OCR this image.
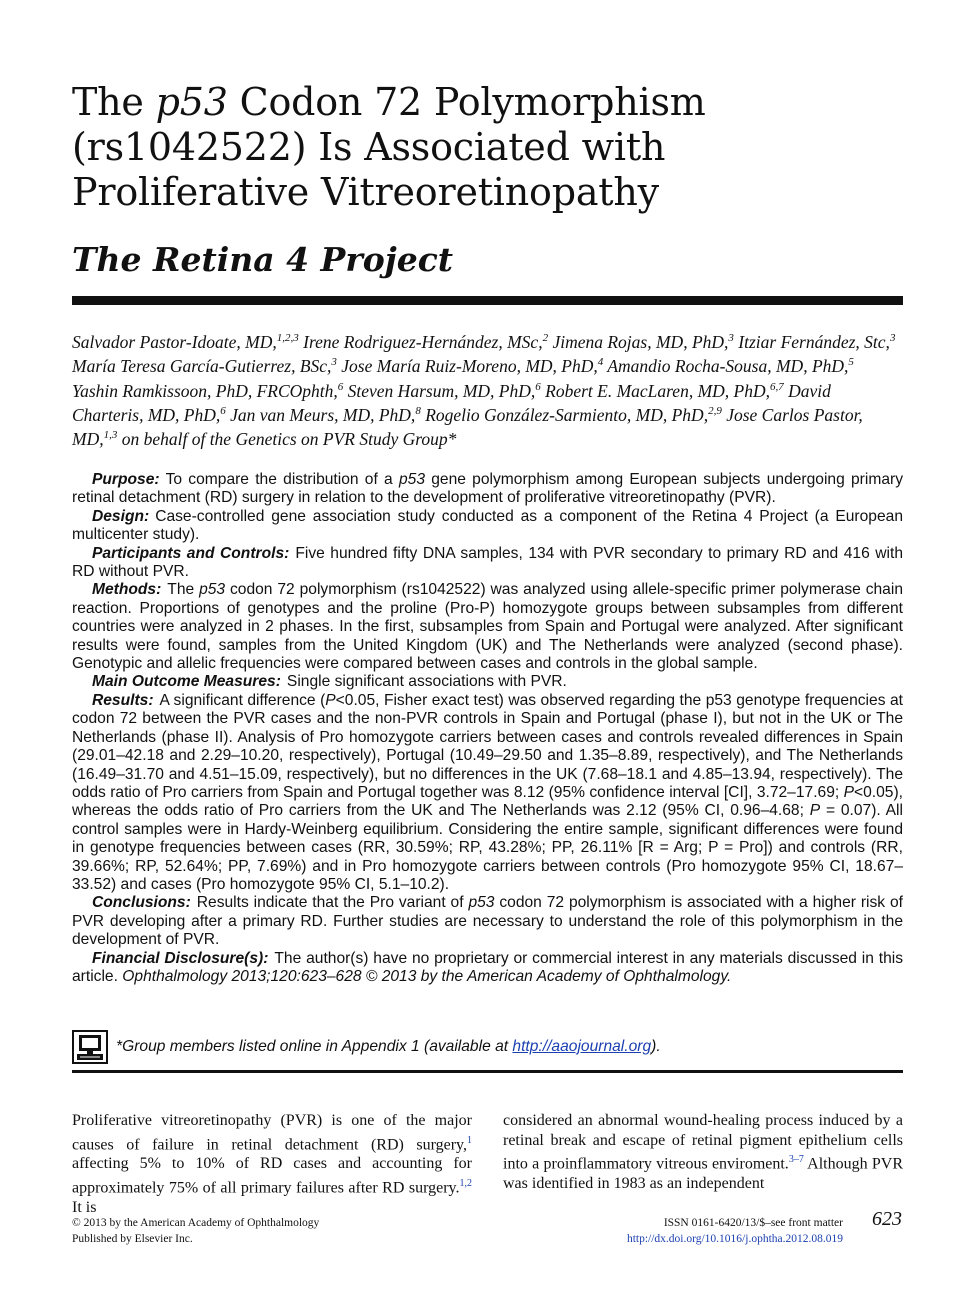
The p53 Codon 72 Polymorphism (rs1042522) Is Associated with Proliferative Vitreoretinopathy
The Retina 4 Project
Salvador Pastor-Idoate, MD,$^{1,2,3}$ Irene Rodriguez-Hernández, MSc,$^2$ Jimena Rojas, MD, PhD,$^3$ Itziar Fernández, Stc,$^3$ María Teresa García-Gutierrez, BSc,$^3$ Jose María Ruiz-Moreno, MD, PhD,$^4$ Amandio Rocha-Sousa, MD, PhD,$^5$ Yashin Ramkissoon, PhD, FRCOphth,$^6$ Steven Harsum, MD, PhD,$^6$ Robert E. MacLaren, MD, PhD,$^{6,7}$ David Charteris, MD, PhD,$^6$ Jan van Meurs, MD, PhD,$^8$ Rogelio González-Sarmiento, MD, PhD,$^{2,9}$ Jose Carlos Pastor, MD,$^{1,3}$ on behalf of the Genetics on PVR Study Group*

Purpose: To compare the distribution of a p53 gene polymorphism among European subjects undergoing primary retinal detachment (RD) surgery in relation to the development of proliferative vitreoretinopathy (PVR).

Design: Case-controlled gene association study conducted as a component of the Retina 4 Project (a European multicenter study).

Participants and Controls: Five hundred fifty DNA samples, 134 with PVR secondary to primary RD and 416 with RD without PVR.

Methods: The p53 codon 72 polymorphism (rs1042522) was analyzed using allele-specific primer polymerase chain reaction. Proportions of genotypes and the proline (Pro-P) homozygote groups between subsamples from different countries were analyzed in 2 phases. In the first, subsamples from Spain and Portugal were analyzed. After significant results were found, samples from the United Kingdom (UK) and The Netherlands were analyzed (second phase). Genotypic and allelic frequencies were compared between cases and controls in the global sample.

Main Outcome Measures: Single significant associations with PVR.

Results: A significant difference (P<0.05, Fisher exact test) was observed regarding the p53 genotype frequencies at codon 72 between the PVR cases and the non-PVR controls in Spain and Portugal (phase I), but not in the UK or The Netherlands (phase II). Analysis of Pro homozygote carriers between cases and controls revealed differences in Spain (29.01–42.18 and 2.29–10.20, respectively), Portugal (10.49–29.50 and 1.35–8.89, respectively), and The Netherlands (16.49–31.70 and 4.51–15.09, respectively), but no differences in the UK (7.68–18.1 and 4.85–13.94, respectively). The odds ratio of Pro carriers from Spain and Portugal together was 8.12 (95% confidence interval [CI], 3.72–17.69; P<0.05), whereas the odds ratio of Pro carriers from the UK and The Netherlands was 2.12 (95% CI, 0.96–4.68; P = 0.07). All control samples were in Hardy-Weinberg equilibrium. Considering the entire sample, significant differences were found in genotype frequencies between cases (RR, 30.59%; RP, 43.28%; PP, 26.11% [R = Arg; P = Pro]) and controls (RR, 39.66%; RP, 52.64%; PP, 7.69%) and in Pro homozygote carriers between controls (Pro homozygote 95% CI, 18.67–33.52) and cases (Pro homozygote 95% CI, 5.1–10.2).

Conclusions: Results indicate that the Pro variant of p53 codon 72 polymorphism is associated with a higher risk of PVR developing after a primary RD. Further studies are necessary to understand the role of this polymorphism in the development of PVR.

Financial Disclosure(s): The author(s) have no proprietary or commercial interest in any materials discussed in this article. Ophthalmology 2013;120:623–628 © 2013 by the American Academy of Ophthalmology.

*Group members listed online in Appendix 1 (available at http://aaojournal.org).

Proliferative vitreoretinopathy (PVR) is one of the major causes of failure in retinal detachment (RD) surgery,$^1$ affecting 5% to 10% of RD cases and accounting for approximately 75% of all primary failures after RD surgery.$^{1,2}$ It is

considered an abnormal wound-healing process induced by a retinal break and escape of retinal pigment epithelium cells into a proinflammatory vitreous enviroment.$^{3-7}$ Although PVR was identified in 1983 as an independent

© 2013 by the American Academy of Ophthalmology
Published by Elsevier Inc.
ISSN 0161-6420/13/$–see front matter
http://dx.doi.org/10.1016/j.ophtha.2012.08.019
623
